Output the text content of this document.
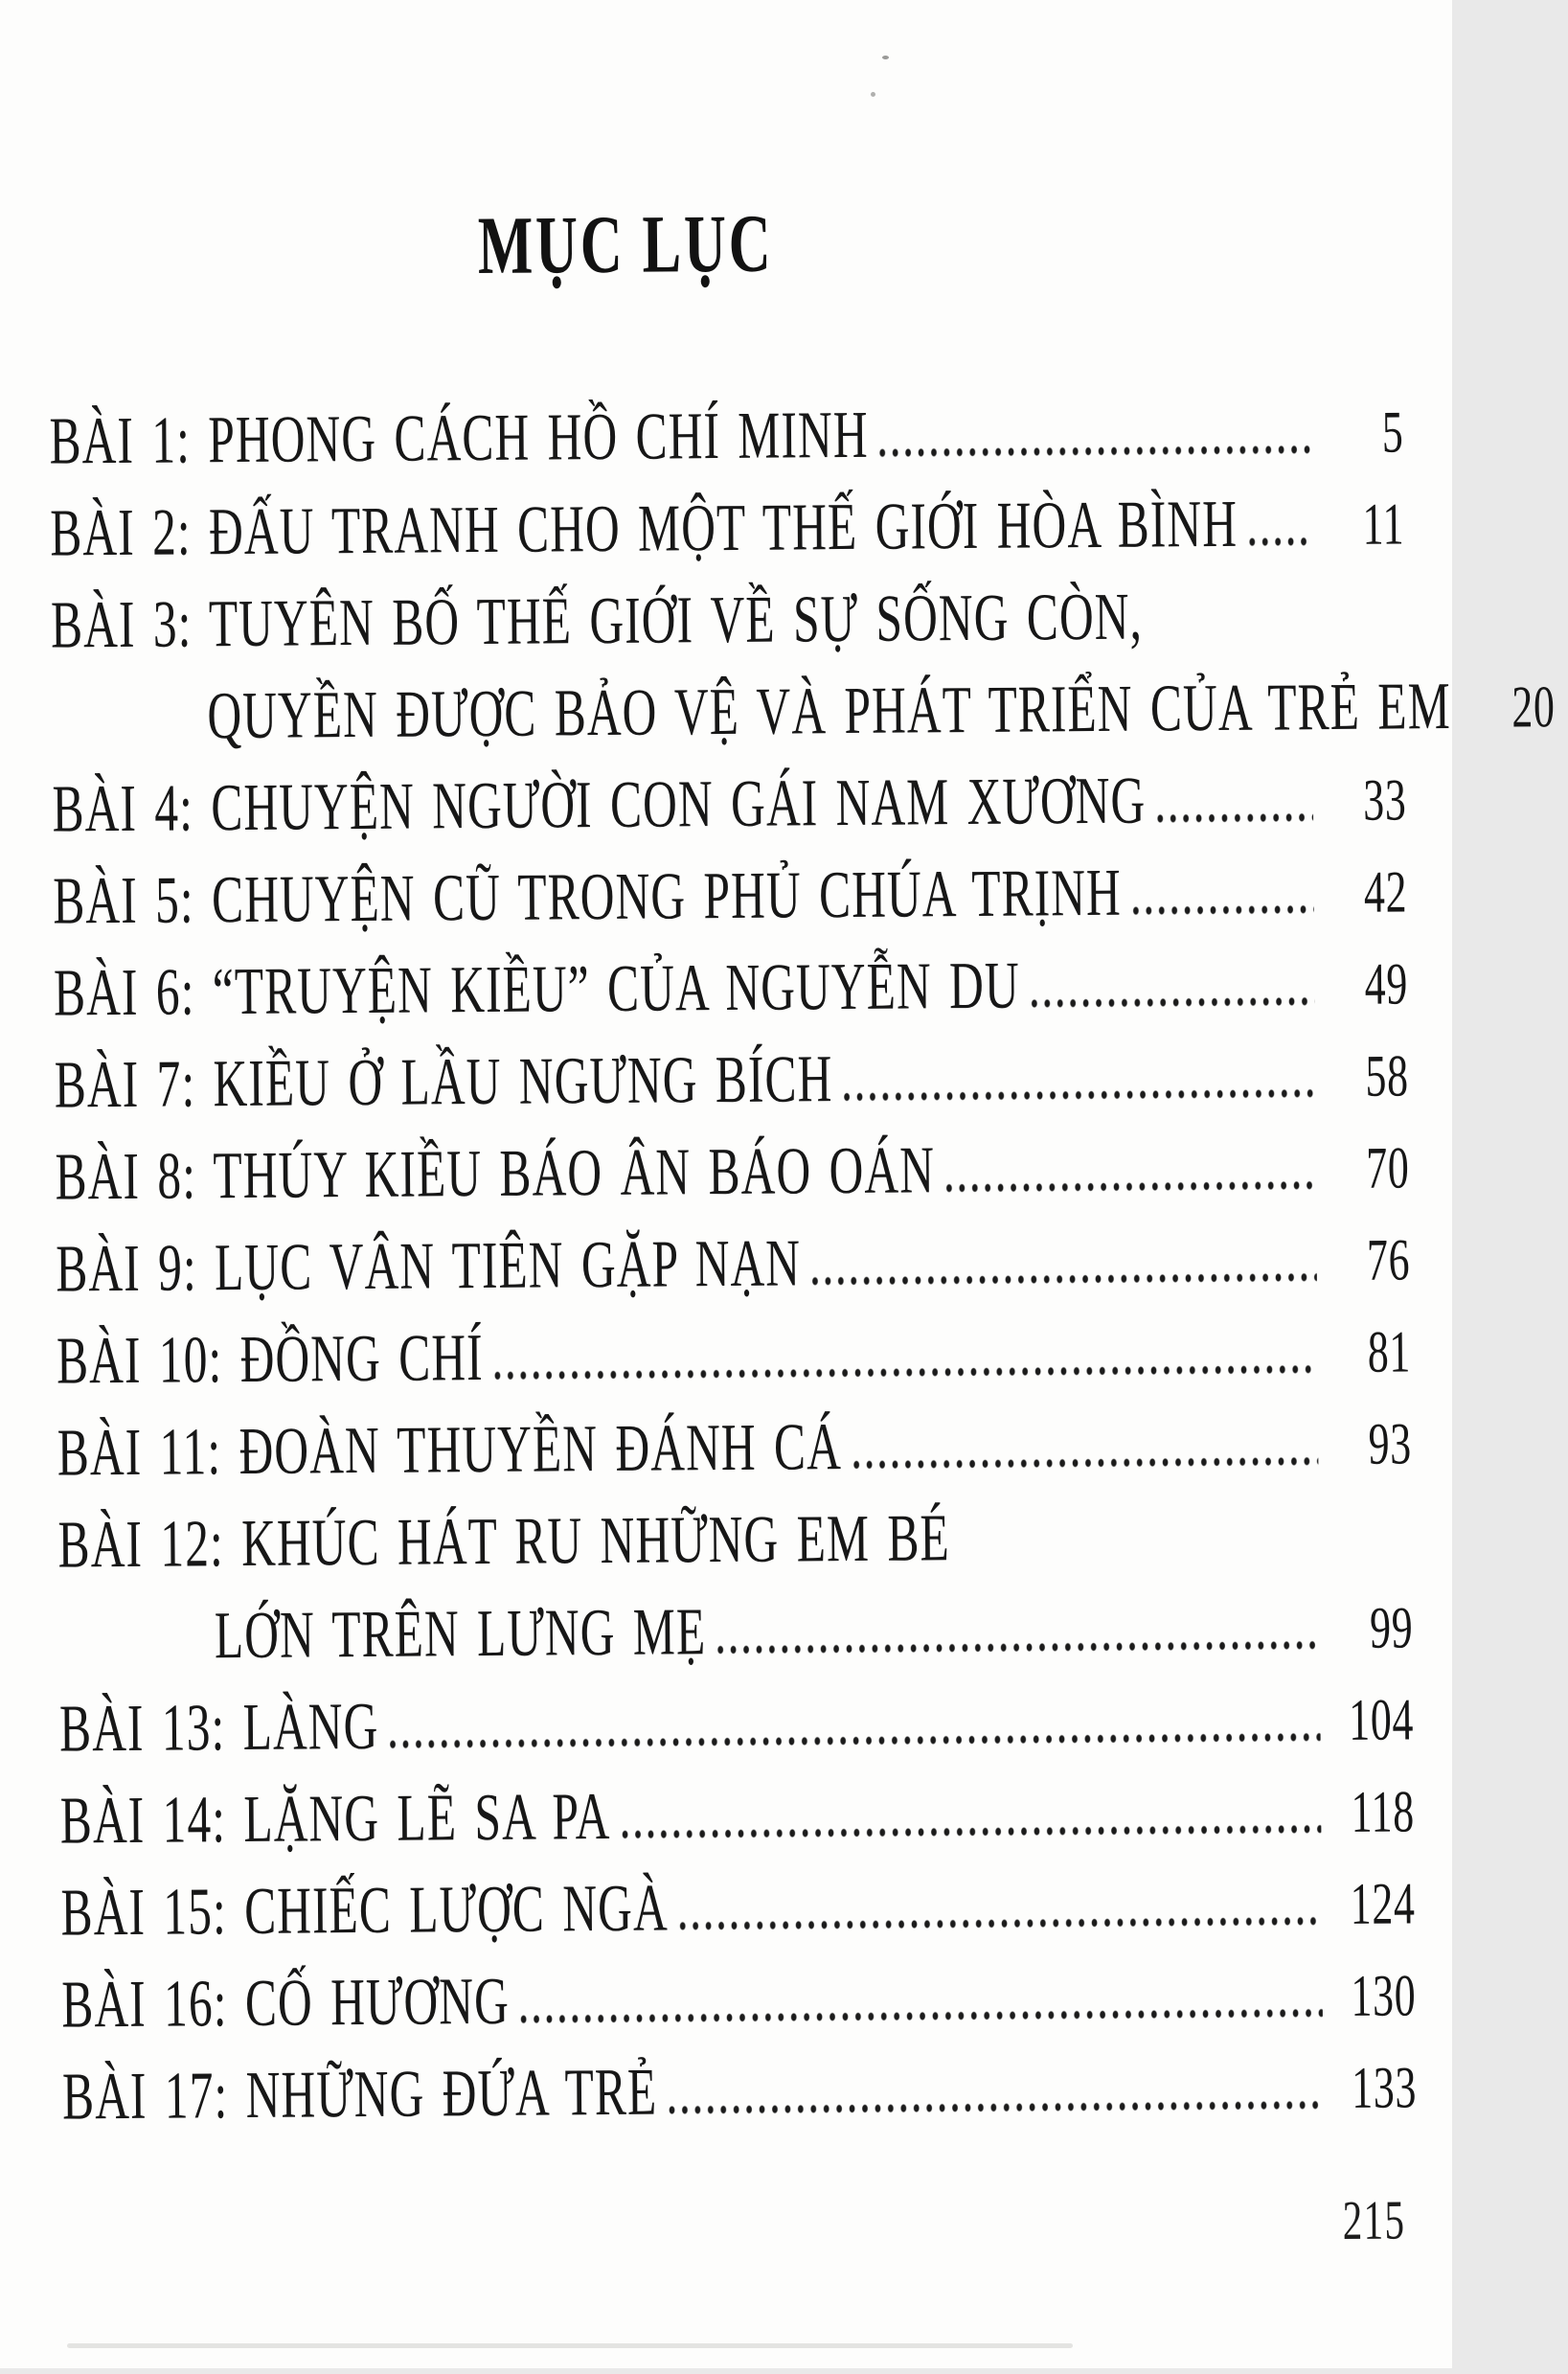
MỤC LỤC
BÀI 1: PHONG CÁCH HỒ CHÍ MINH	5
BÀI 2: ĐẤU TRANH CHO MỘT THẾ GIỚI HÒA BÌNH	11
BÀI 3: TUYÊN BỐ THẾ GIỚI VỀ SỰ SỐNG CÒN,
QUYỀN ĐƯỢC BẢO VỆ VÀ PHÁT TRIỂN CỦA TRẺ EM	20
BÀI 4: CHUYỆN NGƯỜI CON GÁI NAM XƯƠNG	33
BÀI 5: CHUYỆN CŨ TRONG PHỦ CHÚA TRỊNH	42
BÀI 6: “TRUYỆN KIỀU” CỦA NGUYỄN DU	49
BÀI 7: KIỀU Ở LẦU NGƯNG BÍCH	58
BÀI 8: THÚY KIỀU BÁO ÂN BÁO OÁN	70
BÀI 9: LỤC VÂN TIÊN GẶP NẠN	76
BÀI 10: ĐỒNG CHÍ	81
BÀI 11: ĐOÀN THUYỀN ĐÁNH CÁ	93
BÀI 12: KHÚC HÁT RU NHỮNG EM BÉ
LỚN TRÊN LƯNG MẸ	99
BÀI 13: LÀNG	104
BÀI 14: LẶNG LẼ SA PA	118
BÀI 15: CHIẾC LƯỢC NGÀ	124
BÀI 16: CỐ HƯƠNG	130
BÀI 17: NHỮNG ĐỨA TRẺ	133
215
